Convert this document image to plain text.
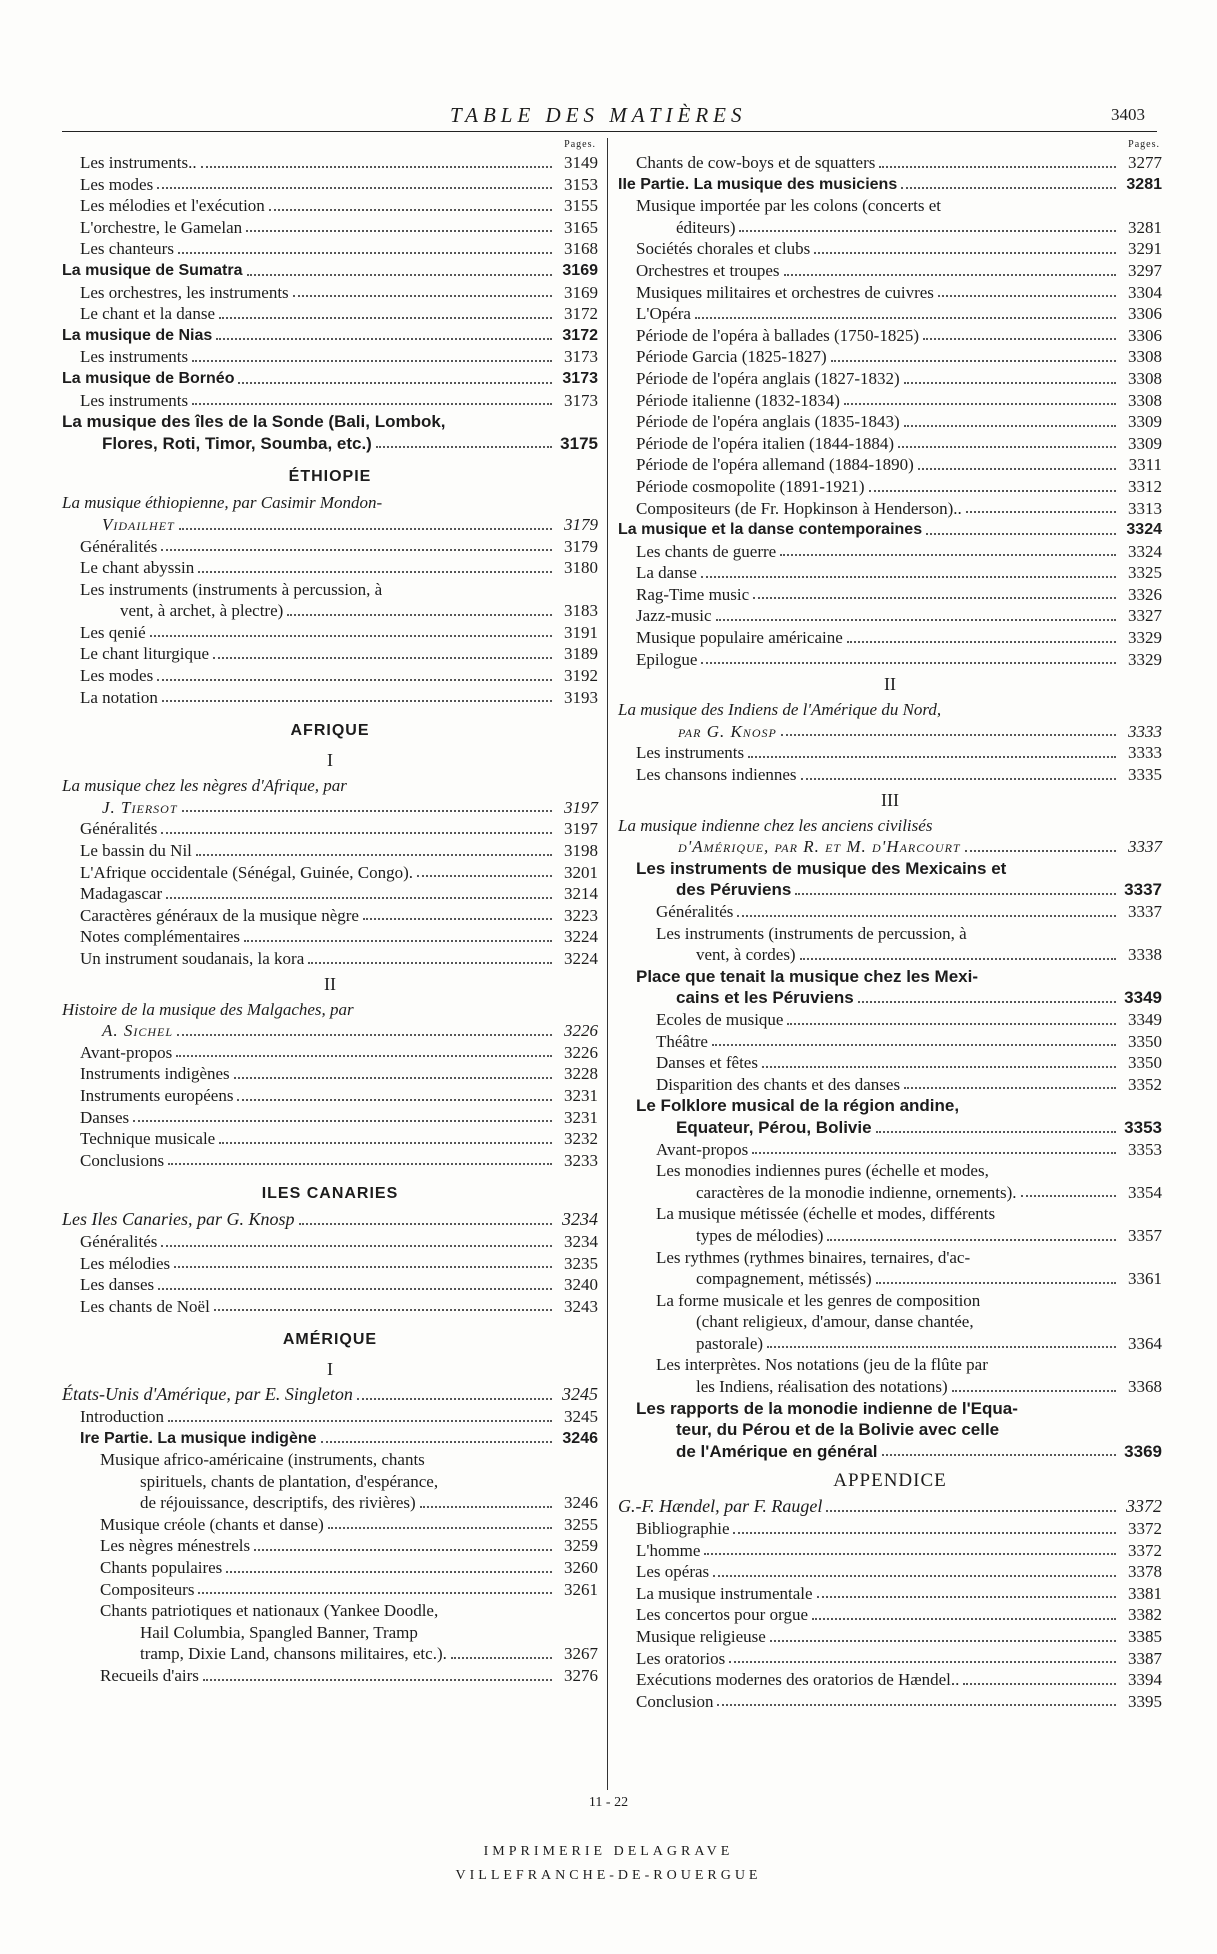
TABLE DES MATIÈRES	3403
Pages.
Les instruments..	3149
Les modes	3153
Les mélodies et l'exécution	3155
L'orchestre, le Gamelan	3165
Les chanteurs	3168
La musique de Sumatra	3169
Les orchestres, les instruments	3169
Le chant et la danse	3172
La musique de Nias	3172
Les instruments	3173
La musique de Bornéo	3173
Les instruments	3173
La musique des îles de la Sonde (Bali, Lombok,
Flores, Roti, Timor, Soumba, etc.)	3175
ÉTHIOPIE
La musique éthiopienne, par Casimir Mondon-
Vidailhet	3179
Généralités	3179
Le chant abyssin	3180
Les instruments (instruments à percussion, à
vent, à archet, à plectre)	3183
Les qenié	3191
Le chant liturgique	3189
Les modes	3192
La notation	3193
AFRIQUE
I
La musique chez les nègres d'Afrique, par
J. Tiersot	3197
Généralités	3197
Le bassin du Nil	3198
L'Afrique occidentale (Sénégal, Guinée, Congo).	3201
Madagascar	3214
Caractères généraux de la musique nègre	3223
Notes complémentaires	3224
Un instrument soudanais, la kora	3224
II
Histoire de la musique des Malgaches, par
A. Sichel	3226
Avant-propos	3226
Instruments indigènes	3228
Instruments européens	3231
Danses	3231
Technique musicale	3232
Conclusions	3233
ILES CANARIES
Les Iles Canaries, par G. Knosp	3234
Généralités	3234
Les mélodies	3235
Les danses	3240
Les chants de Noël	3243
AMÉRIQUE
I
États-Unis d'Amérique, par E. Singleton	3245
Introduction	3245
Ire Partie. La musique indigène	3246
Musique africo-américaine (instruments, chants
spirituels, chants de plantation, d'espérance,
de réjouissance, descriptifs, des rivières)	3246
Musique créole (chants et danse)	3255
Les nègres ménestrels	3259
Chants populaires	3260
Compositeurs	3261
Chants patriotiques et nationaux (Yankee Doodle,
Hail Columbia, Spangled Banner, Tramp
tramp, Dixie Land, chansons militaires, etc.).	3267
Recueils d'airs	3276
Pages.
Chants de cow-boys et de squatters	3277
IIe Partie. La musique des musiciens	3281
Musique importée par les colons (concerts et
éditeurs)	3281
Sociétés chorales et clubs	3291
Orchestres et troupes	3297
Musiques militaires et orchestres de cuivres	3304
L'Opéra	3306
Période de l'opéra à ballades (1750-1825)	3306
Période Garcia (1825-1827)	3308
Période de l'opéra anglais (1827-1832)	3308
Période italienne (1832-1834)	3308
Période de l'opéra anglais (1835-1843)	3309
Période de l'opéra italien (1844-1884)	3309
Période de l'opéra allemand (1884-1890)	3311
Période cosmopolite (1891-1921)	3312
Compositeurs (de Fr. Hopkinson à Henderson)..	3313
La musique et la danse contemporaines	3324
Les chants de guerre	3324
La danse	3325
Rag-Time music	3326
Jazz-music	3327
Musique populaire américaine	3329
Epilogue	3329
II
La musique des Indiens de l'Amérique du Nord,
par G. Knosp	3333
Les instruments	3333
Les chansons indiennes	3335
III
La musique indienne chez les anciens civilisés
d'Amérique, par R. et M. d'Harcourt	3337
Les instruments de musique des Mexicains et
des Péruviens	3337
Généralités	3337
Les instruments (instruments de percussion, à
vent, à cordes)	3338
Place que tenait la musique chez les Mexi-
cains et les Péruviens	3349
Ecoles de musique	3349
Théâtre	3350
Danses et fêtes	3350
Disparition des chants et des danses	3352
Le Folklore musical de la région andine,
Equateur, Pérou, Bolivie	3353
Avant-propos	3353
Les monodies indiennes pures (échelle et modes,
caractères de la monodie indienne, ornements).	3354
La musique métissée (échelle et modes, différents
types de mélodies)	3357
Les rythmes (rythmes binaires, ternaires, d'ac-
compagnement, métissés)	3361
La forme musicale et les genres de composition
(chant religieux, d'amour, danse chantée,
pastorale)	3364
Les interprètes. Nos notations (jeu de la flûte par
les Indiens, réalisation des notations)	3368
Les rapports de la monodie indienne de l'Equa-
teur, du Pérou et de la Bolivie avec celle
de l'Amérique en général	3369
APPENDICE
G.-F. Hændel, par F. Raugel	3372
Bibliographie	3372
L'homme	3372
Les opéras	3378
La musique instrumentale	3381
Les concertos pour orgue	3382
Musique religieuse	3385
Les oratorios	3387
Exécutions modernes des oratorios de Hændel..	3394
Conclusion	3395
11 - 22
IMPRIMERIE DELAGRAVE
VILLEFRANCHE-DE-ROUERGUE
